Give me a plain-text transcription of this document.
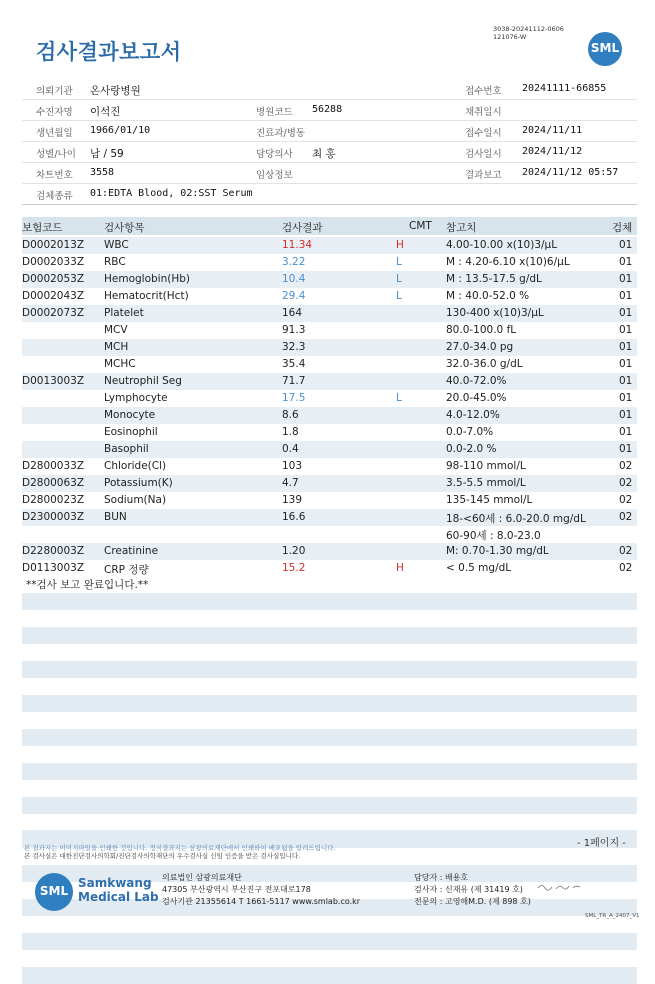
3038-20241112-0606
121076-W
검사결과보고서	SML
의뢰기관 온사랑병원	접수번호 20241111-66855
수진자명 이석진	병원코드 56288	채취일시
생년월일 1966/01/10	진료과/병동	접수일시 2024/11/11
성별/나이 남 / 59	담당의사 최 홍	검사일시 2024/11/12
차트번호 3558	임상정보	결과보고 2024/11/12 05:57
검체종류 01:EDTA Blood, 02:SST Serum
보험코드	검사항목	검사결과	CMT 참고치	검체
D0002013Z WBC	11.34	H	4.00-10.00 x(10)3/μL	01
D0002033Z RBC	3.22	L	M : 4.20-6.10 x(10)6/μL	01
D0002053Z Hemoglobin(Hb)	10.4	L	M : 13.5-17.5 g/dL	01
D0002043Z Hematocrit(Hct)	29.4	L	M : 40.0-52.0 %	01
D0002073Z Platelet	164	130-400 x(10)3/μL	01
MCV	91.3	80.0-100.0 fL	01
MCH	32.3	27.0-34.0 pg	01
MCHC	35.4	32.0-36.0 g/dL	01
D0013003Z Neutrophil Seg	71.7	40.0-72.0%	01
Lymphocyte	17.5	L	20.0-45.0%	01
Monocyte	8.6	4.0-12.0%	01
Eosinophil	1.8	0.0-7.0%	01
Basophil	0.4	0.0-2.0 %	01
D2800033Z Chloride(Cl)	103	98-110 mmol/L	02
D2800063Z Potassium(K)	4.7	3.5-5.5 mmol/L	02
D2800023Z Sodium(Na)	139	135-145 mmol/L	02
D2300003Z BUN	16.6	18-<60세 : 6.0-20.0 mg/dL	02
60-90세 : 8.0-23.0
D2280003Z Creatinine	1.20	M: 0.70-1.30 mg/dL	02
D0113003Z CRP 정량	15.2	H	< 0.5 mg/dL	02
**검사 보고 완료입니다.**
- 1페이지 -
본 결과지는 이미지파일을 인쇄한 것입니다. 정식결과지는 삼광의료재단에서 인쇄하여 배포됨을 알려드립니다.
본 검사실은 대한진단검사의학회/진단검사의학재단의 우수검사실 신임 인증을 받은 검사실입니다.
SML
Samkwang
Medical Lab
의료법인 삼광의료재단
47305 부산광역시 부산진구 전포대로178
검사기관 21355614 T 1661-5117 www.smlab.co.kr
담당자 : 배용호
검사자 : 신재유 (제 31419 호)
전문의 : 고영해M.D. (제 898 호)
SML_TR_A_2407_V1
